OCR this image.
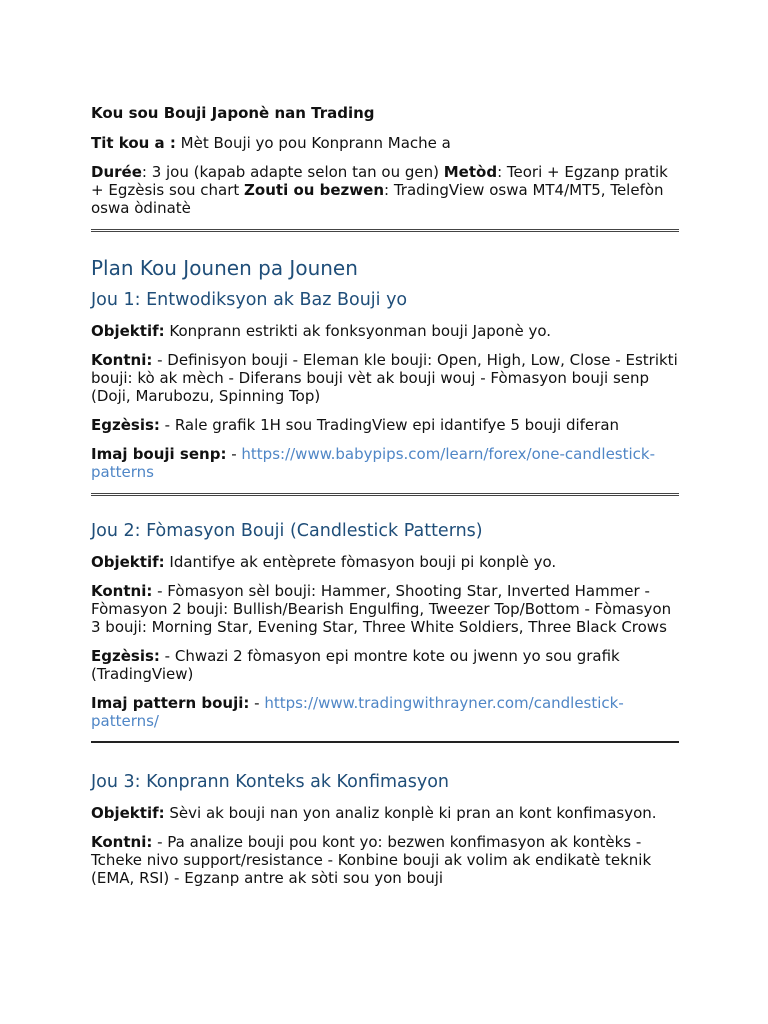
Kou sou Bouji Japonè nan Trading

Tit kou a : Mèt Bouji yo pou Konprann Mache a

Durée: 3 jou (kapab adapte selon tan ou gen) Metòd: Teori + Egzanp pratik + Egzèsis sou chart Zouti ou bezwen: TradingView oswa MT4/MT5, Telefòn oswa òdinatè

Plan Kou Jounen pa Jounen
Jou 1: Entwodiksyon ak Baz Bouji yo

Objektif: Konprann estrikti ak fonksyonman bouji Japonè yo.

Kontni: - Definisyon bouji - Eleman kle bouji: Open, High, Low, Close - Estrikti bouji: kò ak mèch - Diferans bouji vèt ak bouji wouj - Fòmasyon bouji senp (Doji, Marubozu, Spinning Top)

Egzèsis: - Rale grafik 1H sou TradingView epi idantifye 5 bouji diferan

Imaj bouji senp: - https://www.babypips.com/learn/forex/one-candlestick-patterns

Jou 2: Fòmasyon Bouji (Candlestick Patterns)

Objektif: Idantifye ak entèprete fòmasyon bouji pi konplè yo.

Kontni: - Fòmasyon sèl bouji: Hammer, Shooting Star, Inverted Hammer - Fòmasyon 2 bouji: Bullish/Bearish Engulfing, Tweezer Top/Bottom - Fòmasyon 3 bouji: Morning Star, Evening Star, Three White Soldiers, Three Black Crows

Egzèsis: - Chwazi 2 fòmasyon epi montre kote ou jwenn yo sou grafik (TradingView)

Imaj pattern bouji: - https://www.tradingwithrayner.com/candlestick-patterns/

Jou 3: Konprann Konteks ak Konfimasyon

Objektif: Sèvi ak bouji nan yon analiz konplè ki pran an kont konfimasyon.

Kontni: - Pa analize bouji pou kont yo: bezwen konfimasyon ak kontèks - Tcheke nivo support/resistance - Konbine bouji ak volim ak endikatè teknik (EMA, RSI) - Egzanp antre ak sòti sou yon bouji
